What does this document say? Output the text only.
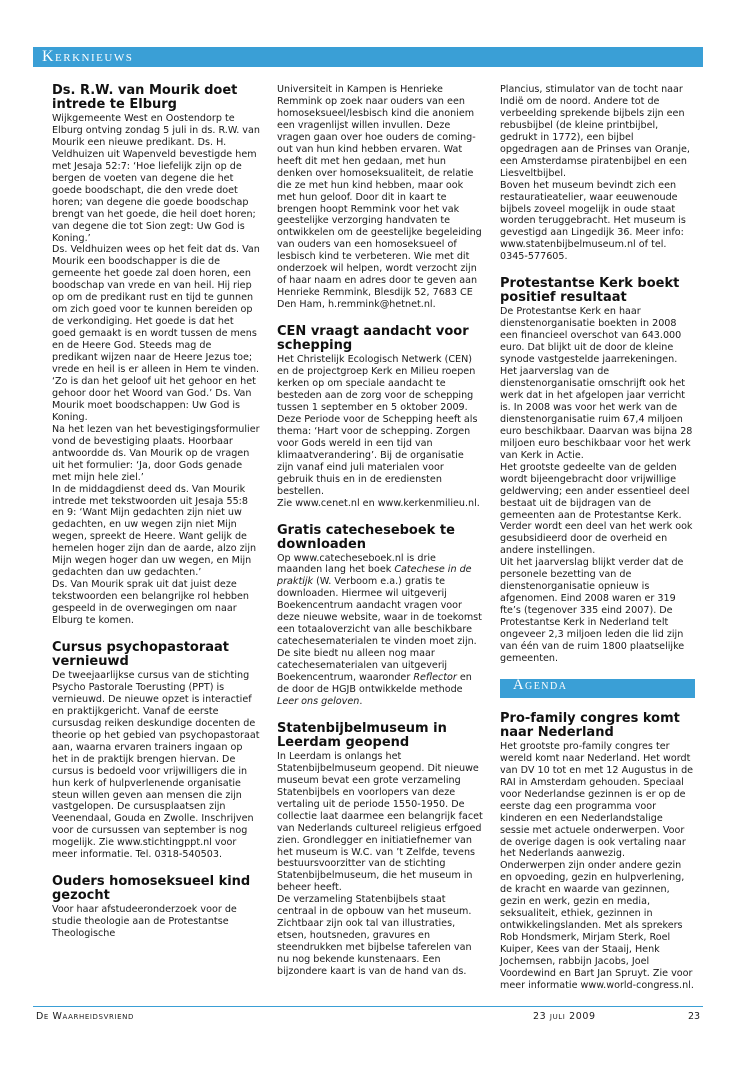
Kerknieuws
Ds. R.W. van Mourik doet intrede te Elburg

Wijkgemeente West en Oostendorp te Elburg ontving zondag 5 juli in ds. R.W. van Mourik een nieuwe predikant. Ds. H. Veldhuizen uit Wapenveld bevestigde hem met Jesaja 52:7: ‘Hoe liefelijk zijn op de bergen de voeten van degene die het goede boodschapt, die den vrede doet horen; van degene die goede boodschap brengt van het goede, die heil doet horen; van degene die tot Sion zegt: Uw God is Koning.’

Ds. Veldhuizen wees op het feit dat ds. Van Mourik een boodschapper is die de gemeente het goede zal doen horen, een boodschap van vrede en van heil. Hij riep op om de predikant rust en tijd te gunnen om zich goed voor te kunnen bereiden op de verkondiging. Het goede is dat het goed gemaakt is en wordt tussen de mens en de Heere God. Steeds mag de predikant wijzen naar de Heere Jezus toe; vrede en heil is er alleen in Hem te vinden. ‘Zo is dan het geloof uit het gehoor en het gehoor door het Woord van God.’ Ds. Van Mourik moet boodschappen: Uw God is Koning.

Na het lezen van het bevestigingsformulier vond de bevestiging plaats. Hoorbaar antwoordde ds. Van Mourik op de vragen uit het formulier: ‘Ja, door Gods genade met mijn hele ziel.’

In de middagdienst deed ds. Van Mourik intrede met tekstwoorden uit Jesaja 55:8 en 9: ‘Want Mijn gedachten zijn niet uw gedachten, en uw wegen zijn niet Mijn wegen, spreekt de Heere. Want gelijk de hemelen hoger zijn dan de aarde, alzo zijn Mijn wegen hoger dan uw wegen, en Mijn gedachten dan uw gedachten.’

Ds. Van Mourik sprak uit dat juist deze tekstwoorden een belangrijke rol hebben gespeeld in de overwegingen om naar Elburg te komen.

Cursus psychopastoraat vernieuwd

De tweejaarlijkse cursus van de stichting Psycho Pastorale Toerusting (PPT) is vernieuwd. De nieuwe opzet is interactief en praktijkgericht. Vanaf de eerste cursusdag reiken deskundige docenten de theorie op het gebied van psychopastoraat aan, waarna ervaren trainers ingaan op het in de praktijk brengen hiervan. De cursus is bedoeld voor vrijwilligers die in hun kerk of hulpverlenende organisatie steun willen geven aan mensen die zijn vastgelopen. De cursusplaatsen zijn Veenendaal, Gouda en Zwolle. Inschrijven voor de cursussen van september is nog mogelijk. Zie www.stichtingppt.nl voor meer informatie. Tel. 0318-540503.

Ouders homoseksueel kind gezocht

Voor haar afstudeeronderzoek voor de studie theologie aan de Protestantse Theologische

Universiteit in Kampen is Henrieke Remmink op zoek naar ouders van een homoseksueel/lesbisch kind die anoniem een vragenlijst willen invullen. Deze vragen gaan over hoe ouders de coming-out van hun kind hebben ervaren. Wat heeft dit met hen gedaan, met hun denken over homoseksualiteit, de relatie die ze met hun kind hebben, maar ook met hun geloof. Door dit in kaart te brengen hoopt Remmink voor het vak geestelijke verzorging handvaten te ontwikkelen om de geestelijke begeleiding van ouders van een homoseksueel of lesbisch kind te verbeteren. Wie met dit onderzoek wil helpen, wordt verzocht zijn of haar naam en adres door te geven aan Henrieke Remmink, Blesdijk 52, 7683 CE Den Ham, h.remmink@hetnet.nl.

CEN vraagt aandacht voor schepping

Het Christelijk Ecologisch Netwerk (CEN) en de projectgroep Kerk en Milieu roepen kerken op om speciale aandacht te besteden aan de zorg voor de schepping tussen 1 september en 5 oktober 2009. Deze Periode voor de Schepping heeft als thema: ‘Hart voor de schepping. Zorgen voor Gods wereld in een tijd van klimaatverandering’. Bij de organisatie zijn vanaf eind juli materialen voor gebruik thuis en in de erediensten bestellen.

Zie www.cenet.nl en www.kerkenmilieu.nl.

Gratis catecheseboek te downloaden

Op www.catecheseboek.nl is drie maanden lang het boek Catechese in de praktijk (W. Verboom e.a.) gratis te downloaden. Hiermee wil uitgeverij Boekencentrum aandacht vragen voor deze nieuwe website, waar in de toekomst een totaaloverzicht van alle beschikbare catechesematerialen te vinden moet zijn. De site biedt nu alleen nog maar catechesematerialen van uitgeverij Boekencentrum, waaronder Reflector en de door de HGJB ontwikkelde methode Leer ons geloven.

Statenbijbelmuseum in Leerdam geopend

In Leerdam is onlangs het Statenbijbelmuseum geopend. Dit nieuwe museum bevat een grote verzameling Statenbijbels en voorlopers van deze vertaling uit de periode 1550-1950. De collectie laat daarmee een belangrijk facet van Nederlands cultureel religieus erfgoed zien. Grondlegger en initiatiefnemer van het museum is W.C. van ’t Zelfde, tevens bestuursvoorzitter van de stichting Statenbijbelmuseum, die het museum in beheer heeft.

De verzameling Statenbijbels staat centraal in de opbouw van het museum. Zichtbaar zijn ook tal van illustraties, etsen, houtsneden, gravures en steendrukken met bijbelse taferelen van nu nog bekende kunstenaars. Een bijzondere kaart is van de hand van ds.

Plancius, stimulator van de tocht naar Indië om de noord. Andere tot de verbeelding sprekende bijbels zijn een rebusbijbel (de kleine printbijbel, gedrukt in 1772), een bijbel opgedragen aan de Prinses van Oranje, een Amsterdamse piratenbijbel en een Liesveltbijbel.

Boven het museum bevindt zich een restauratieatelier, waar eeuwenoude bijbels zoveel mogelijk in oude staat worden teruggebracht. Het museum is gevestigd aan Lingedijk 36. Meer info: www.statenbijbelmuseum.nl of tel. 0345-577605.

Protestantse Kerk boekt positief resultaat

De Protestantse Kerk en haar dienstenorganisatie boekten in 2008 een financieel overschot van 643.000 euro. Dat blijkt uit de door de kleine synode vastgestelde jaarrekeningen. Het jaarverslag van de dienstenorganisatie omschrijft ook het werk dat in het afgelopen jaar verricht is. In 2008 was voor het werk van de dienstenorganisatie ruim 67,4 miljoen euro beschikbaar. Daarvan was bijna 28 miljoen euro beschikbaar voor het werk van Kerk in Actie.

Het grootste gedeelte van de gelden wordt bijeengebracht door vrijwillige geldwerving; een ander essentieel deel bestaat uit de bijdragen van de gemeenten aan de Protestantse Kerk. Verder wordt een deel van het werk ook gesubsidieerd door de overheid en andere instellingen.

Uit het jaarverslag blijkt verder dat de personele bezetting van de dienstenorganisatie opnieuw is afgenomen. Eind 2008 waren er 319 fte’s (tegenover 335 eind 2007). De Protestantse Kerk in Nederland telt ongeveer 2,3 miljoen leden die lid zijn van één van de ruim 1800 plaatselijke gemeenten.

Agenda
Pro-family congres komt naar Nederland

Het grootste pro-family congres ter wereld komt naar Nederland. Het wordt van DV 10 tot en met 12 Augustus in de RAI in Amsterdam gehouden. Speciaal voor Nederlandse gezinnen is er op de eerste dag een programma voor kinderen en een Nederlandstalige sessie met actuele onderwerpen. Voor de overige dagen is ook vertaling naar het Nederlands aanwezig.

Onderwerpen zijn onder andere gezin en opvoeding, gezin en hulpverlening, de kracht en waarde van gezinnen, gezin en werk, gezin en media, seksualiteit, ethiek, gezinnen in ontwikkelingslanden. Met als sprekers Rob Hondsmerk, Mirjam Sterk, Roel Kuiper, Kees van der Staaij, Henk Jochemsen, rabbijn Jacobs, Joel Voordewind en Bart Jan Spruyt. Zie voor meer informatie www.world-congress.nl.

De Waarheidsvriend	23 juli 2009	23
